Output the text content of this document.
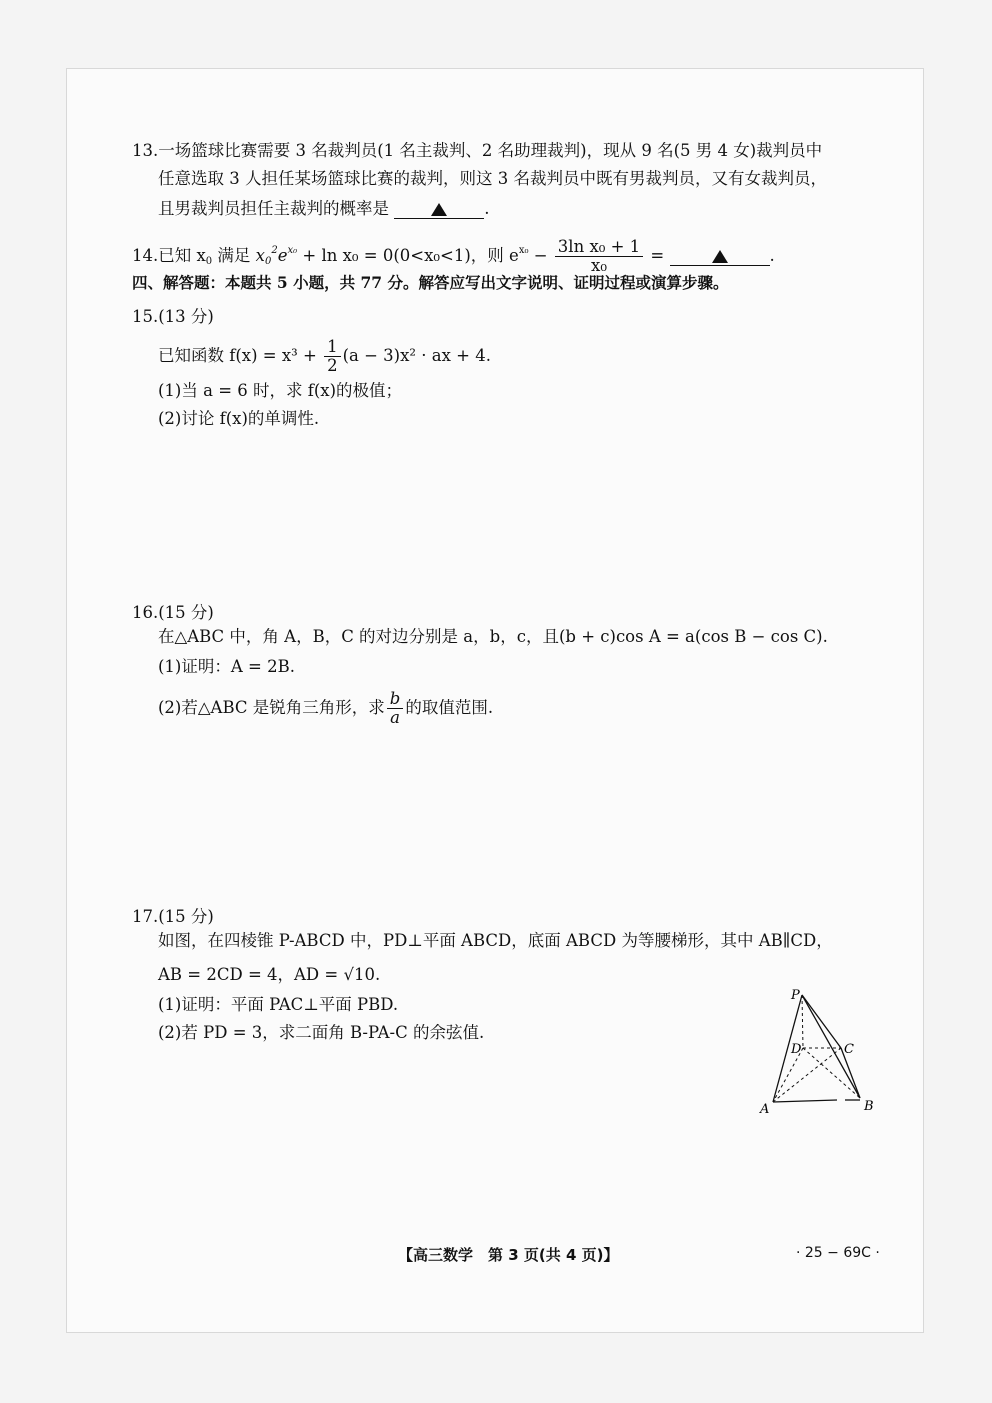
13.一场篮球比赛需要 3 名裁判员(1 名主裁判、2 名助理裁判)，现从 9 名(5 男 4 女)裁判员中
任意选取 3 人担任某场篮球比赛的裁判，则这 3 名裁判员中既有男裁判员，又有女裁判员，
且男裁判员担任主裁判的概率是	.
14.已知 $x_0$ 满足 $x_0^2e^{x_0} + \ln x_0 = 0(0<x_0<1)$，则 $e^{x_0} - \frac{\text{3ln x₀ + 1}}{\text{x₀}}$ =	.
四、解答题：本题共 5 小题，共 77 分。解答应写出文字说明、证明过程或演算步骤。
15.(13 分)
已知函数 $f(x) = x^3 + \frac{1}{2} (a - 3)x^2$ · ax + 4.
(1)当 a = 6 时，求 f(x)的极值；
(2)讨论 f(x)的单调性.
16.(15 分)
在△ABC 中，角 A，B，C 的对边分别是 a，b，c，且(b + c)cos A = a(cos B − cos C).
(1)证明：A = 2B.
(2)若△ABC 是锐角三角形，求 $\frac{b}{a}$ 的取值范围.
17.(15 分)
如图，在四棱锥 P-ABCD 中，PD⊥平面 ABCD，底面 ABCD 为等腰梯形，其中 AB∥CD，
AB = 2CD = 4，AD = √10.
(1)证明：平面 PAC⊥平面 PBD.
(2)若 PD = 3，求二面角 B-PA-C 的余弦值.
P
D	C
A	B
【高三数学　第 3 页(共 4 页)】	· 25 − 69C ·
